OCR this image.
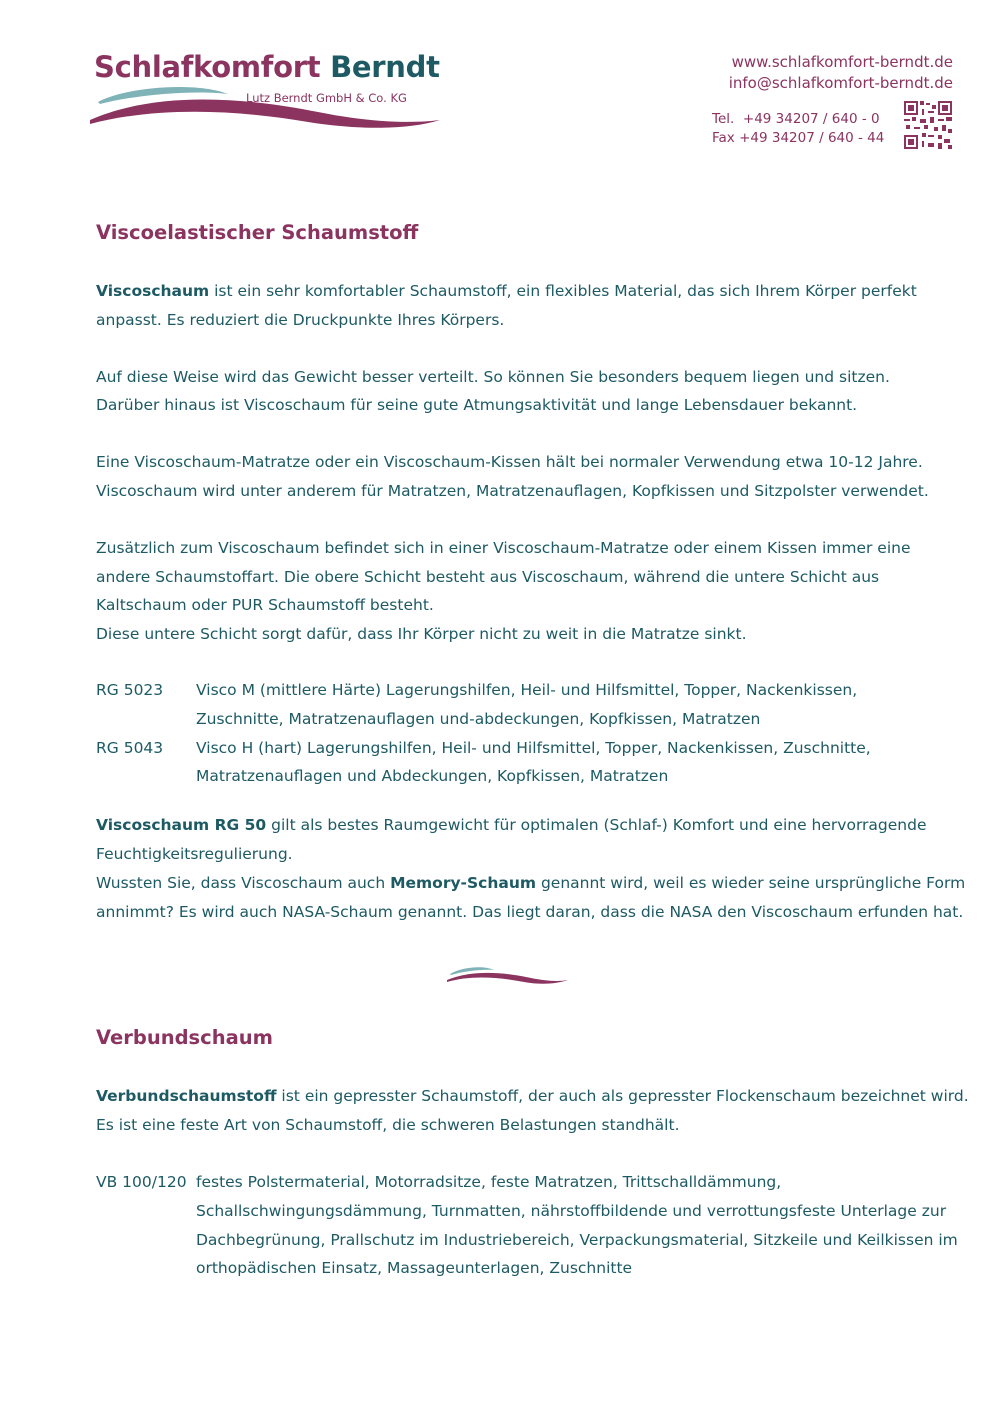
Schlafkomfort Berndt
Lutz Berndt GmbH & Co. KG
www.schlafkomfort-berndt.de
info@schlafkomfort-berndt.de
Tel. +49 34207 / 640 - 0
Fax +49 34207 / 640 - 44
Viscoelastischer Schaumstoff

Viscoschaum ist ein sehr komfortabler Schaumstoff, ein flexibles Material, das sich Ihrem Körper perfekt anpasst. Es reduziert die Druckpunkte Ihres Körpers.

Auf diese Weise wird das Gewicht besser verteilt. So können Sie besonders bequem liegen und sitzen. Darüber hinaus ist Viscoschaum für seine gute Atmungsaktivität und lange Lebensdauer bekannt.

Eine Viscoschaum-Matratze oder ein Viscoschaum-Kissen hält bei normaler Verwendung etwa 10-12 Jahre. Viscoschaum wird unter anderem für Matratzen, Matratzenauflagen, Kopfkissen und Sitzpolster verwendet.

Zusätzlich zum Viscoschaum befindet sich in einer Viscoschaum-Matratze oder einem Kissen immer eine andere Schaumstoffart. Die obere Schicht besteht aus Viscoschaum, während die untere Schicht aus Kaltschaum oder PUR Schaumstoff besteht.

Diese untere Schicht sorgt dafür, dass Ihr Körper nicht zu weit in die Matratze sinkt.

RG 5023	Visco M (mittlere Härte) Lagerungshilfen, Heil- und Hilfsmittel, Topper, Nackenkissen, Zuschnitte, Matratzenauflagen und-abdeckungen, Kopfkissen, Matratzen
RG 5043	Visco H (hart) Lagerungshilfen, Heil- und Hilfsmittel, Topper, Nackenkissen, Zuschnitte, Matratzenauflagen und Abdeckungen, Kopfkissen, Matratzen

Viscoschaum RG 50 gilt als bestes Raumgewicht für optimalen (Schlaf-) Komfort und eine hervorragende Feuchtigkeitsregulierung.

Wussten Sie, dass Viscoschaum auch Memory-Schaum genannt wird, weil es wieder seine ursprüngliche Form annimmt? Es wird auch NASA-Schaum genannt. Das liegt daran, dass die NASA den Viscoschaum erfunden hat.

Verbundschaum

Verbundschaumstoff ist ein gepresster Schaumstoff, der auch als gepresster Flockenschaum bezeichnet wird. Es ist eine feste Art von Schaumstoff, die schweren Belastungen standhält.

VB 100/120 festes Polstermaterial, Motorradsitze, feste Matratzen, Trittschalldämmung, Schallschwingungsdämmung, Turnmatten, nährstoffbildende und verrottungsfeste Unterlage zur Dachbegrünung, Prallschutz im Industriebereich, Verpackungsmaterial, Sitzkeile und Keilkissen im orthopädischen Einsatz, Massageunterlagen, Zuschnitte
